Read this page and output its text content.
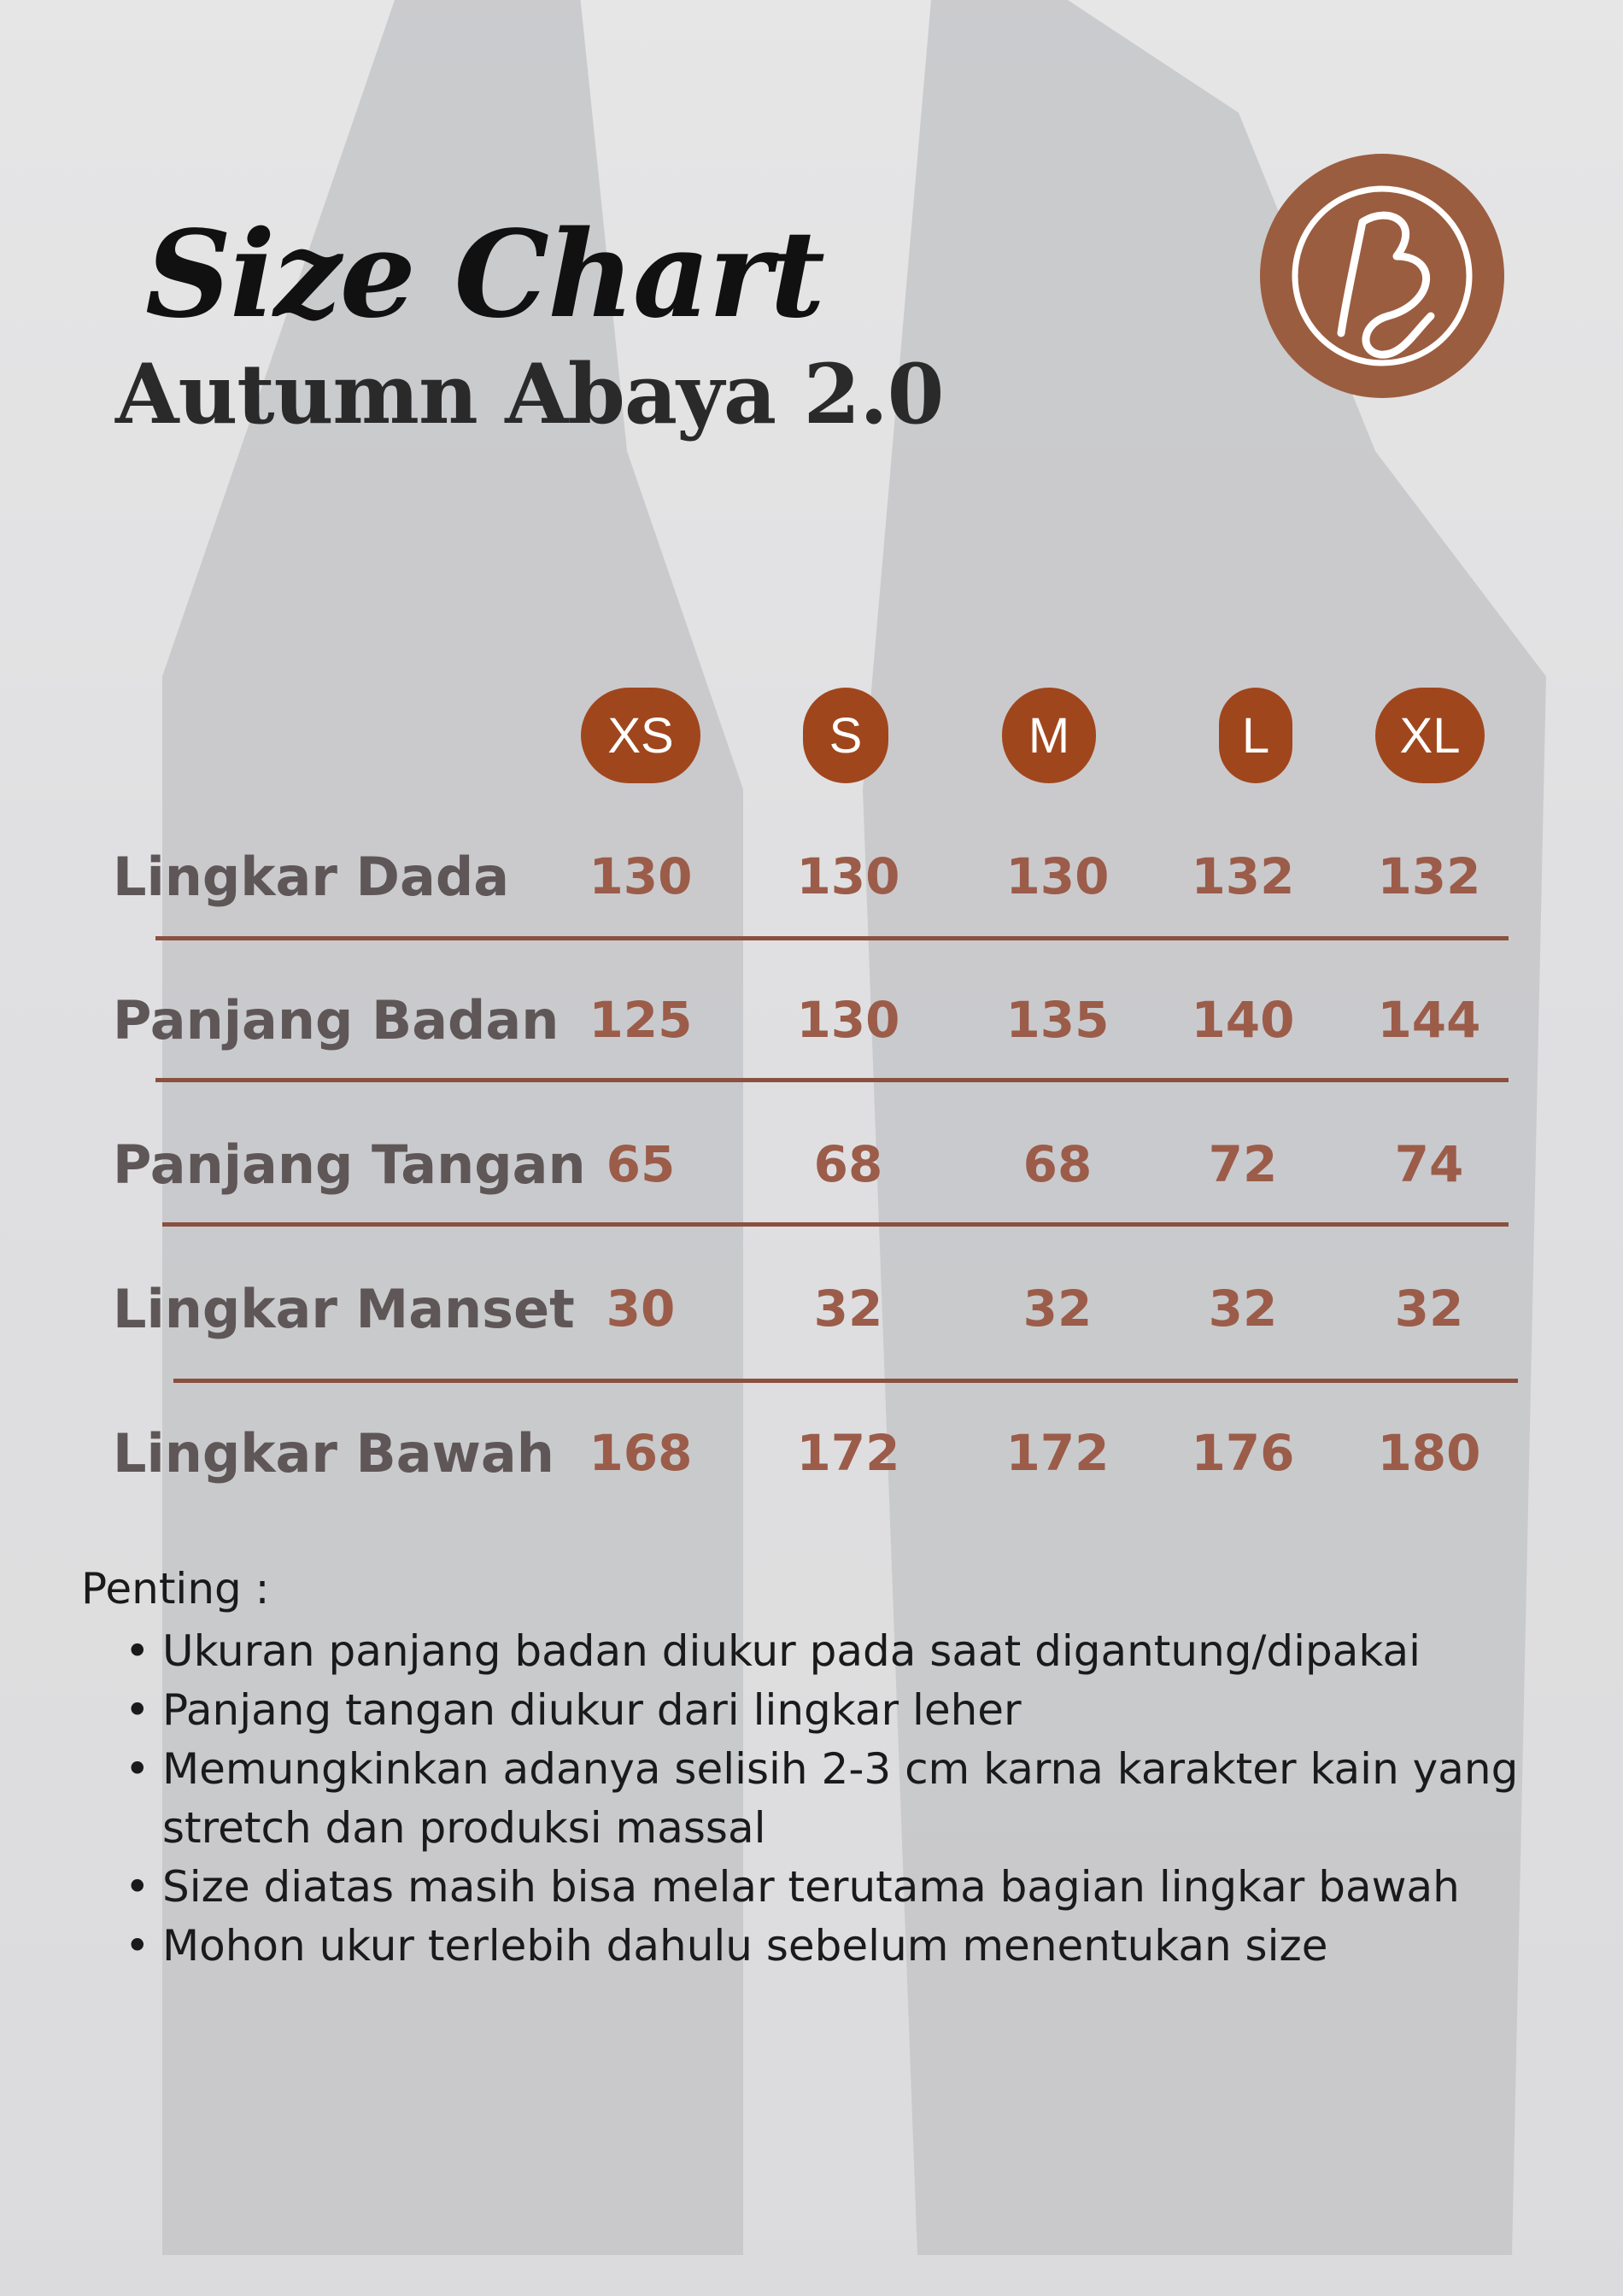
Size Chart
Autumn Abaya 2.0
XS	S	M	L	XL
Lingkar Dada	130	130	130	132	132
Panjang Badan 125	130	135	140	144
Panjang Tangan 65	68	68	72	74
Lingkar Manset 30	32	32	32	32
Lingkar Bawah 168	172	172	176	180

Penting :

• Ukuran panjang badan diukur pada saat digantung/dipakai
• Panjang tangan diukur dari lingkar leher
• Memungkinkan adanya selisih 2-3 cm karna karakter kain yang stretch dan produksi massal
• Size diatas masih bisa melar terutama bagian lingkar bawah
• Mohon ukur terlebih dahulu sebelum menentukan size
